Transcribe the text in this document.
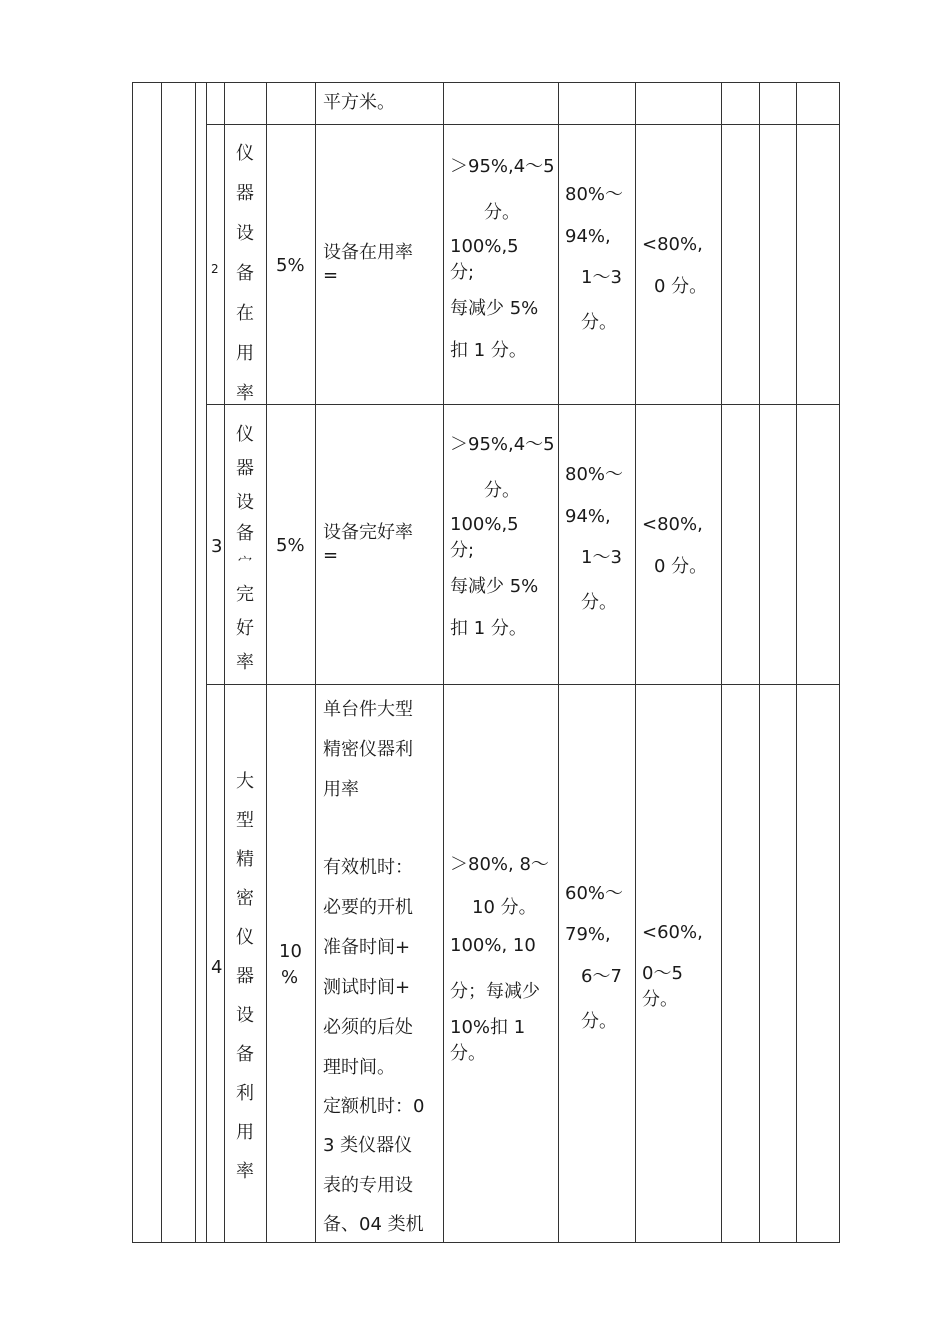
平方米。
2
仪器设备在用率
5%
设备在用率
=
＞95%,4～5
分。
100%,5
分;
每减少 5%
扣 1 分。
80%～
94%,
1～3
分。
<80%,
0 分。
3
仪
器
设
备
宀
完
好
率
5%
设备完好率
=
＞95%,4～5
分。
100%,5
分;
每减少 5%
扣 1 分。
80%～
94%,
1～3
分。
<80%,
0 分。
4
大型精密仪器设备利用率
10
%
单台件大型
精密仪器利
用率
有效机时：
必要的开机
准备时间+
测试时间+
必须的后处
理时间。
定额机时：0
3 类仪器仪
表的专用设
备、04 类机
＞80%, 8～
10 分。
100%, 10
分；每减少
10%扣 1
分。
60%～
79%,
6～7
分。
<60%,
0～5
分。
